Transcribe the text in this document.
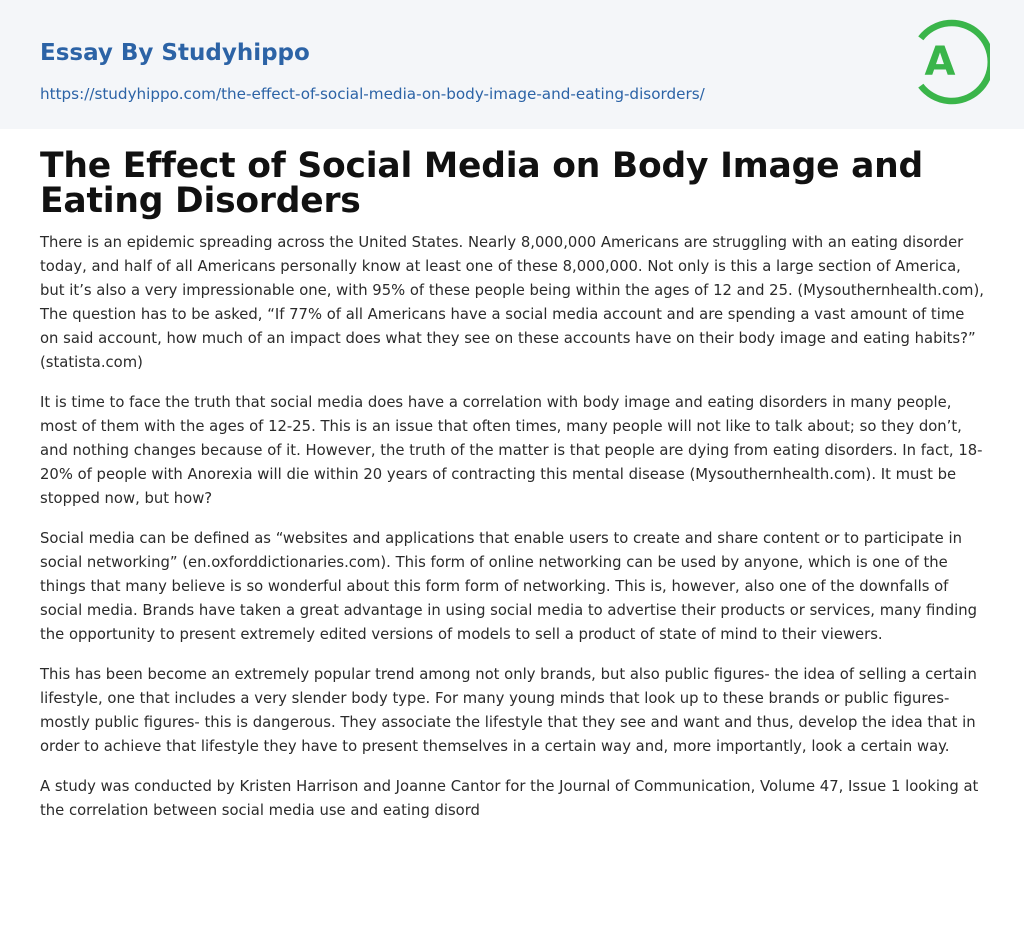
Essay By Studyhippo
https://studyhippo.com/the-effect-of-social-media-on-body-image-and-eating-disorders/
A
The Effect of Social Media on Body Image and Eating Disorders

There is an epidemic spreading across the United States. Nearly 8,000,000 Americans are struggling with an eating disorder today, and half of all Americans personally know at least one of these 8,000,000. Not only is this a large section of America, but it’s also a very impressionable one, with 95% of these people being within the ages of 12 and 25. (Mysouthernhealth.com), The question has to be asked, “If 77% of all Americans have a social media account and are spending a vast amount of time on said account, how much of an impact does what they see on these accounts have on their body image and eating habits?” (statista.com)

It is time to face the truth that social media does have a correlation with body image and eating disorders in many people, most of them with the ages of 12-25. This is an issue that often times, many people will not like to talk about; so they don’t, and nothing changes because of it. However, the truth of the matter is that people are dying from eating disorders. In fact, 18-20% of people with Anorexia will die within 20 years of contracting this mental disease (Mysouthernhealth.com). It must be stopped now, but how?

Social media can be defined as “websites and applications that enable users to create and share content or to participate in social networking” (en.oxforddictionaries.com). This form of online networking can be used by anyone, which is one of the things that many believe is so wonderful about this form form of networking. This is, however, also one of the downfalls of social media. Brands have taken a great advantage in using social media to advertise their products or services, many finding the opportunity to present extremely edited versions of models to sell a product of state of mind to their viewers.

This has been become an extremely popular trend among not only brands, but also public figures- the idea of selling a certain lifestyle, one that includes a very slender body type. For many young minds that look up to these brands or public figures- mostly public figures- this is dangerous. They associate the lifestyle that they see and want and thus, develop the idea that in order to achieve that lifestyle they have to present themselves in a certain way and, more importantly, look a certain way.

A study was conducted by Kristen Harrison and Joanne Cantor for the Journal of Communication, Volume 47, Issue 1 looking at the correlation between social media use and eating disord
